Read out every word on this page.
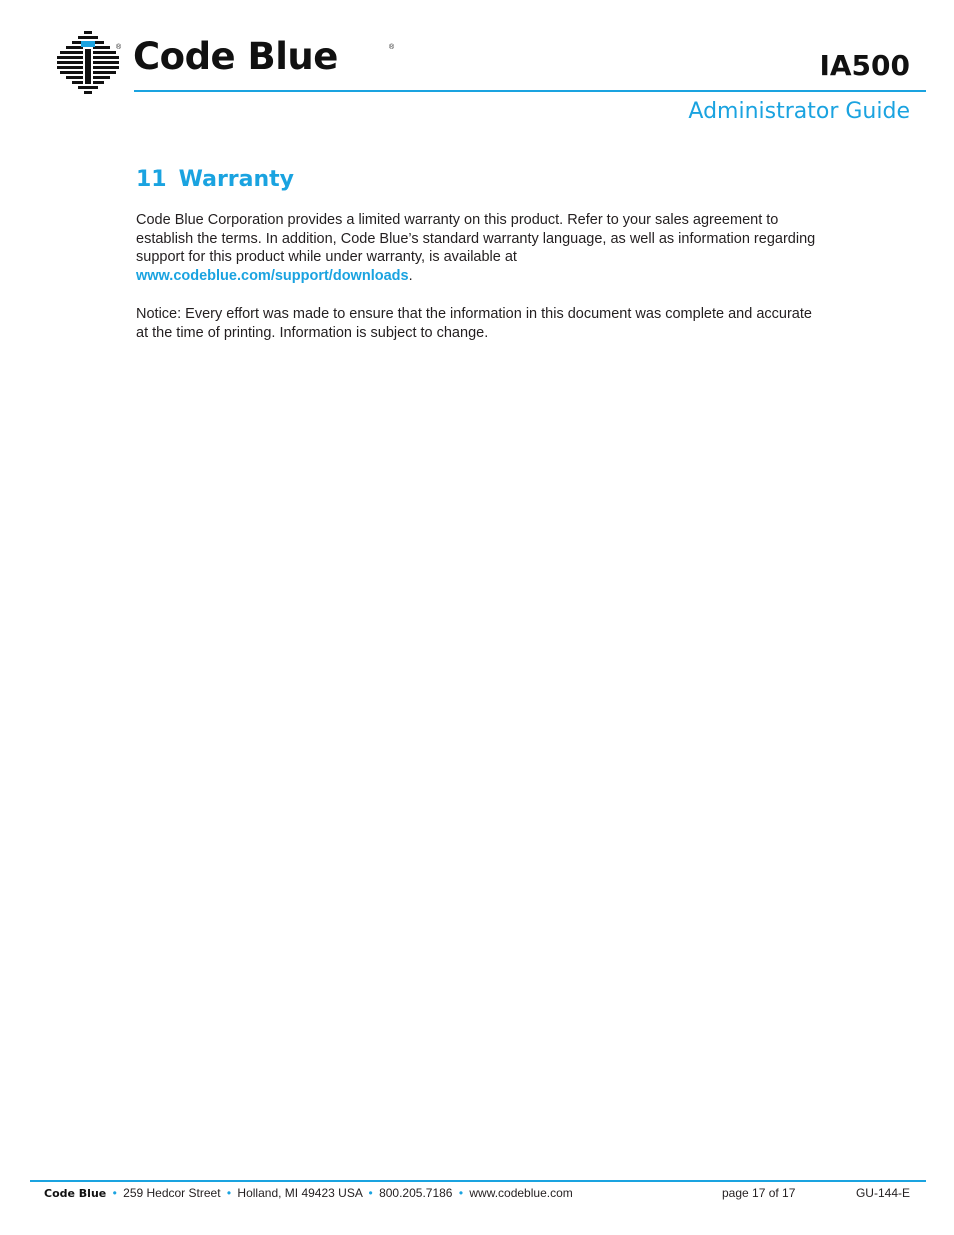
® Code Blue	®
IA500
Administrator Guide
11 Warranty

Code Blue Corporation provides a limited warranty on this product. Refer to your sales agreement to establish the terms. In addition, Code Blue’s standard warranty language, as well as information regarding support for this product while under warranty, is available at
www.codeblue.com/support/downloads.

Notice: Every effort was made to ensure that the information in this document was complete and accurate at the time of printing. Information is subject to change.

Code Blue • 259 Hedcor Street • Holland, MI 49423 USA • 800.205.7186 • www.codeblue.com	page 17 of 17	GU-144-E
